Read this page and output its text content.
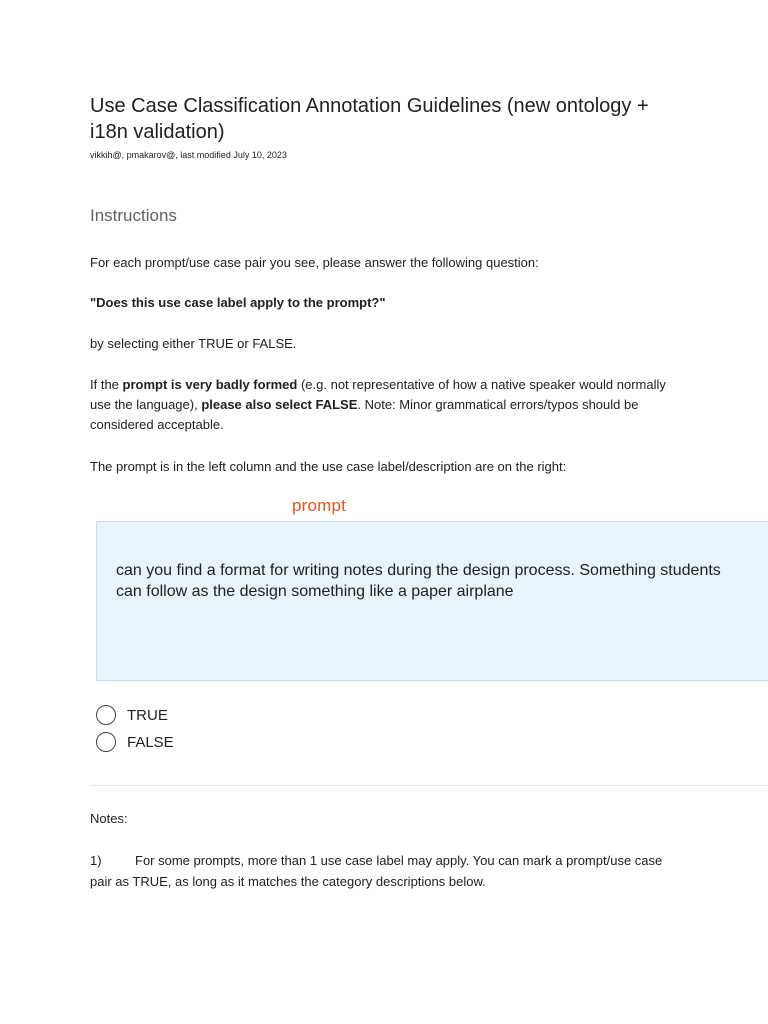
Use Case Classification Annotation Guidelines (new ontology + i18n validation)
vikkih@, pmakarov@, last modified July 10, 2023
Instructions

For each prompt/use case pair you see, please answer the following question:

"Does this use case label apply to the prompt?"

by selecting either TRUE or FALSE.

If the prompt is very badly formed (e.g. not representative of how a native speaker would normally use the language), please also select FALSE. Note: Minor grammatical errors/typos should be considered acceptable.

The prompt is in the left column and the use case label/description are on the right:

prompt

can you find a format for writing notes during the design process. Something students can follow as the design something like a paper airplane

TRUE
FALSE

Notes:

1)	For some prompts, more than 1 use case label may apply. You can mark a prompt/use case pair as TRUE, as long as it matches the category descriptions below.
